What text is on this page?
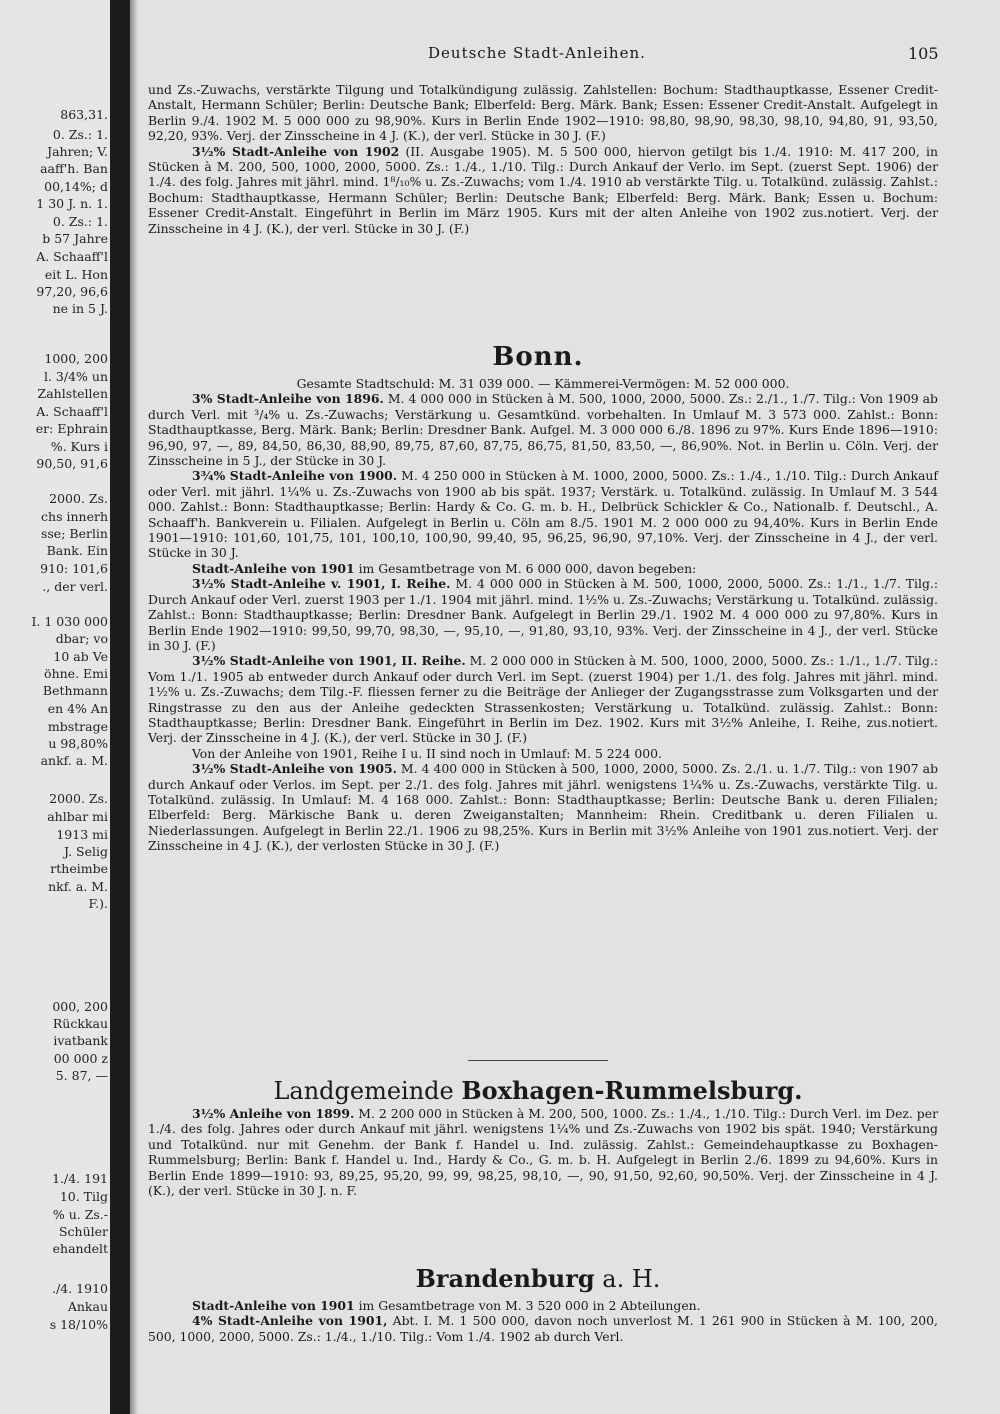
863,31.
0. Zs.: 1.
Jahren; V.
aaff'h. Ban
00,14%; d
1 30 J. n. 1.
0. Zs.: 1.
b 57 Jahre
A. Schaaff'l
eit L. Hon
97,20, 96,6
ne in 5 J.
1000, 200
l. 3/4% un
Zahlstellen
A. Schaaff'l
er: Ephrain
%. Kurs i
90,50, 91,6
2000. Zs.
chs innerh
sse; Berlin
Bank. Ein
910: 101,6
., der verl.
I. 1 030 000
dbar; vo
10 ab Ve
öhne. Emi
Bethmann
en 4% An
mbstrage
u 98,80%
ankf. a. M.
2000. Zs.
ahlbar mi
1913 mi
J. Selig
rtheimbe
nkf. a. M.
F.).
000, 200
Rückkau
ivatbank
00 000 z
5. 87, —
1./4. 191
10. Tilg
% u. Zs.-
Schüler
ehandelt
./4. 1910
Ankau
s 18/10%
Deutsche Stadt-Anleihen.	105

und Zs.-Zuwachs, verstärkte Tilgung und Totalkündigung zulässig. Zahlstellen: Bochum: Stadthauptkasse, Essener Credit-Anstalt, Hermann Schüler; Berlin: Deutsche Bank; Elberfeld: Berg. Märk. Bank; Essen: Essener Credit-Anstalt. Aufgelegt in Berlin 9./4. 1902 M. 5 000 000 zu 98,90%. Kurs in Berlin Ende 1902—1910: 98,80, 98,90, 98,30, 98,10, 94,80, 91, 93,50, 92,20, 93%. Verj. der Zinsscheine in 4 J. (K.), der verl. Stücke in 30 J. (F.)

3½% Stadt-Anleihe von 1902 (II. Ausgabe 1905). M. 5 500 000, hiervon getilgt bis 1./4. 1910: M. 417 200, in Stücken à M. 200, 500, 1000, 2000, 5000. Zs.: 1./4., 1./10. Tilg.: Durch Ankauf der Verlo. im Sept. (zuerst Sept. 1906) der 1./4. des folg. Jahres mit jährl. mind. 1⁸/₁₀% u. Zs.-Zuwachs; vom 1./4. 1910 ab verstärkte Tilg. u. Totalkünd. zulässig. Zahlst.: Bochum: Stadthauptkasse, Hermann Schüler; Berlin: Deutsche Bank; Elberfeld: Berg. Märk. Bank; Essen u. Bochum: Essener Credit-Anstalt. Eingeführt in Berlin im März 1905. Kurs mit der alten Anleihe von 1902 zus.notiert. Verj. der Zinsscheine in 4 J. (K.), der verl. Stücke in 30 J. (F.)

Bonn.

Gesamte Stadtschuld: M. 31 039 000. — Kämmerei-Vermögen: M. 52 000 000.

3% Stadt-Anleihe von 1896. M. 4 000 000 in Stücken à M. 500, 1000, 2000, 5000. Zs.: 2./1., 1./7. Tilg.: Von 1909 ab durch Verl. mit ³/₄% u. Zs.-Zuwachs; Verstärkung u. Gesamtkünd. vorbehalten. In Umlauf M. 3 573 000. Zahlst.: Bonn: Stadthauptkasse, Berg. Märk. Bank; Berlin: Dresdner Bank. Aufgel. M. 3 000 000 6./8. 1896 zu 97%. Kurs Ende 1896—1910: 96,90, 97, —, 89, 84,50, 86,30, 88,90, 89,75, 87,60, 87,75, 86,75, 81,50, 83,50, —, 86,90%. Not. in Berlin u. Cöln. Verj. der Zinsscheine in 5 J., der Stücke in 30 J.

3¾% Stadt-Anleihe von 1900. M. 4 250 000 in Stücken à M. 1000, 2000, 5000. Zs.: 1./4., 1./10. Tilg.: Durch Ankauf oder Verl. mit jährl. 1¼% u. Zs.-Zuwachs von 1900 ab bis spät. 1937; Verstärk. u. Totalkünd. zulässig. In Umlauf M. 3 544 000. Zahlst.: Bonn: Stadthauptkasse; Berlin: Hardy & Co. G. m. b. H., Delbrück Schickler & Co., Nationalb. f. Deutschl., A. Schaaff'h. Bankverein u. Filialen. Aufgelegt in Berlin u. Cöln am 8./5. 1901 M. 2 000 000 zu 94,40%. Kurs in Berlin Ende 1901—1910: 101,60, 101,75, 101, 100,10, 100,90, 99,40, 95, 96,25, 96,90, 97,10%. Verj. der Zinsscheine in 4 J., der verl. Stücke in 30 J.

Stadt-Anleihe von 1901 im Gesamtbetrage von M. 6 000 000, davon begeben:

3½% Stadt-Anleihe v. 1901, I. Reihe. M. 4 000 000 in Stücken à M. 500, 1000, 2000, 5000. Zs.: 1./1., 1./7. Tilg.: Durch Ankauf oder Verl. zuerst 1903 per 1./1. 1904 mit jährl. mind. 1½% u. Zs.-Zuwachs; Verstärkung u. Totalkünd. zulässig. Zahlst.: Bonn: Stadthauptkasse; Berlin: Dresdner Bank. Aufgelegt in Berlin 29./1. 1902 M. 4 000 000 zu 97,80%. Kurs in Berlin Ende 1902—1910: 99,50, 99,70, 98,30, —, 95,10, —, 91,80, 93,10, 93%. Verj. der Zinsscheine in 4 J., der verl. Stücke in 30 J. (F.)

3½% Stadt-Anleihe von 1901, II. Reihe. M. 2 000 000 in Stücken à M. 500, 1000, 2000, 5000. Zs.: 1./1., 1./7. Tilg.: Vom 1./1. 1905 ab entweder durch Ankauf oder durch Verl. im Sept. (zuerst 1904) per 1./1. des folg. Jahres mit jährl. mind. 1½% u. Zs.-Zuwachs; dem Tilg.-F. fliessen ferner zu die Beiträge der Anlieger der Zugangsstrasse zum Volksgarten und der Ringstrasse zu den aus der Anleihe gedeckten Strassenkosten; Verstärkung u. Totalkünd. zulässig. Zahlst.: Bonn: Stadthauptkasse; Berlin: Dresdner Bank. Eingeführt in Berlin im Dez. 1902. Kurs mit 3½% Anleihe, I. Reihe, zus.notiert. Verj. der Zinsscheine in 4 J. (K.), der verl. Stücke in 30 J. (F.)

Von der Anleihe von 1901, Reihe I u. II sind noch in Umlauf: M. 5 224 000.

3½% Stadt-Anleihe von 1905. M. 4 400 000 in Stücken à 500, 1000, 2000, 5000. Zs. 2./1. u. 1./7. Tilg.: von 1907 ab durch Ankauf oder Verlos. im Sept. per 2./1. des folg. Jahres mit jährl. wenigstens 1¼% u. Zs.-Zuwachs, verstärkte Tilg. u. Totalkünd. zulässig. In Umlauf: M. 4 168 000. Zahlst.: Bonn: Stadthauptkasse; Berlin: Deutsche Bank u. deren Filialen; Elberfeld: Berg. Märkische Bank u. deren Zweiganstalten; Mannheim: Rhein. Creditbank u. deren Filialen u. Niederlassungen. Aufgelegt in Berlin 22./1. 1906 zu 98,25%. Kurs in Berlin mit 3½% Anleihe von 1901 zus.notiert. Verj. der Zinsscheine in 4 J. (K.), der verlosten Stücke in 30 J. (F.)

Landgemeinde Boxhagen-Rummelsburg.

3½% Anleihe von 1899. M. 2 200 000 in Stücken à M. 200, 500, 1000. Zs.: 1./4., 1./10. Tilg.: Durch Verl. im Dez. per 1./4. des folg. Jahres oder durch Ankauf mit jährl. wenigstens 1¼% und Zs.-Zuwachs von 1902 bis spät. 1940; Verstärkung und Totalkünd. nur mit Genehm. der Bank f. Handel u. Ind. zulässig. Zahlst.: Gemeindehauptkasse zu Boxhagen-Rummelsburg; Berlin: Bank f. Handel u. Ind., Hardy & Co., G. m. b. H. Aufgelegt in Berlin 2./6. 1899 zu 94,60%. Kurs in Berlin Ende 1899—1910: 93, 89,25, 95,20, 99, 99, 98,25, 98,10, —, 90, 91,50, 92,60, 90,50%. Verj. der Zinsscheine in 4 J. (K.), der verl. Stücke in 30 J. n. F.

Brandenburg a. H.

Stadt-Anleihe von 1901 im Gesamtbetrage von M. 3 520 000 in 2 Abteilungen.

4% Stadt-Anleihe von 1901, Abt. I. M. 1 500 000, davon noch unverlost M. 1 261 900 in Stücken à M. 100, 200, 500, 1000, 2000, 5000. Zs.: 1./4., 1./10. Tilg.: Vom 1./4. 1902 ab durch Verl.
